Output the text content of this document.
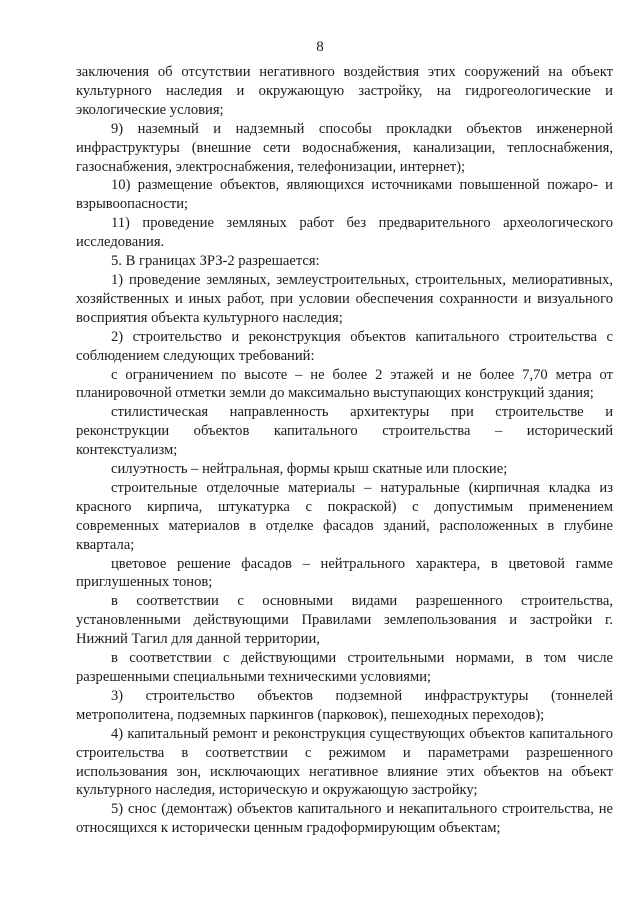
8

заключения об отсутствии негативного воздействия этих сооружений на объект культурного наследия и окружающую застройку, на гидрогеологические и экологические условия;

9) наземный и надземный способы прокладки объектов инженерной инфраструктуры (внешние сети водоснабжения, канализации, теплоснабжения, газоснабжения, электроснабжения, телефонизации, интернет);

10) размещение объектов, являющихся источниками повышенной пожаро- и взрывоопасности;

11) проведение земляных работ без предварительного археологического исследования.

5. В границах ЗРЗ-2 разрешается:

1) проведение земляных, землеустроительных, строительных, мелиоративных, хозяйственных и иных работ, при условии обеспечения сохранности и визуального восприятия объекта культурного наследия;

2) строительство и реконструкция объектов капитального строительства с соблюдением следующих требований:

с ограничением по высоте – не более 2 этажей и не более 7,70 метра от планировочной отметки земли до максимально выступающих конструкций здания;

стилистическая направленность архитектуры при строительстве и реконструкции объектов капитального строительства – исторический контекстуализм;

силуэтность – нейтральная, формы крыш скатные или плоские;

строительные отделочные материалы – натуральные (кирпичная кладка из красного кирпича, штукатурка с покраской) с допустимым применением современных материалов в отделке фасадов зданий, расположенных в глубине квартала;

цветовое решение фасадов – нейтрального характера, в цветовой гамме приглушенных тонов;

в соответствии с основными видами разрешенного строительства, установленными действующими Правилами землепользования и застройки г. Нижний Тагил для данной территории,

в соответствии с действующими строительными нормами, в том числе разрешенными специальными техническими условиями;

3) строительство объектов подземной инфраструктуры (тоннелей метрополитена, подземных паркингов (парковок), пешеходных переходов);

4) капитальный ремонт и реконструкция существующих объектов капитального строительства в соответствии с режимом и параметрами разрешенного использования зон, исключающих негативное влияние этих объектов на объект культурного наследия, историческую и окружающую застройку;

5) снос (демонтаж) объектов капитального и некапитального строительства, не относящихся к исторически ценным градоформирующим объектам;
